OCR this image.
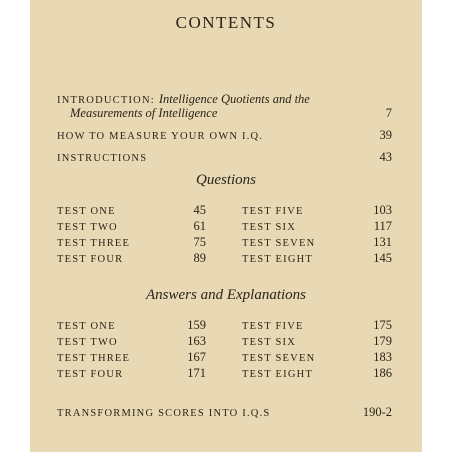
CONTENTS
INTRODUCTION: Intelligence Quotients and the
Measurements of Intelligence	7
HOW TO MEASURE YOUR OWN I.Q.	39
INSTRUCTIONS	43
Questions
TEST ONE	45	TEST FIVE	103
TEST TWO	61	TEST SIX	117
TEST THREE	75	TEST SEVEN	131
TEST FOUR	89	TEST EIGHT	145
Answers and Explanations
TEST ONE	159	TEST FIVE	175
TEST TWO	163	TEST SIX	179
TEST THREE	167	TEST SEVEN	183
TEST FOUR	171	TEST EIGHT	186
TRANSFORMING SCORES INTO I.Q.S	190-2
